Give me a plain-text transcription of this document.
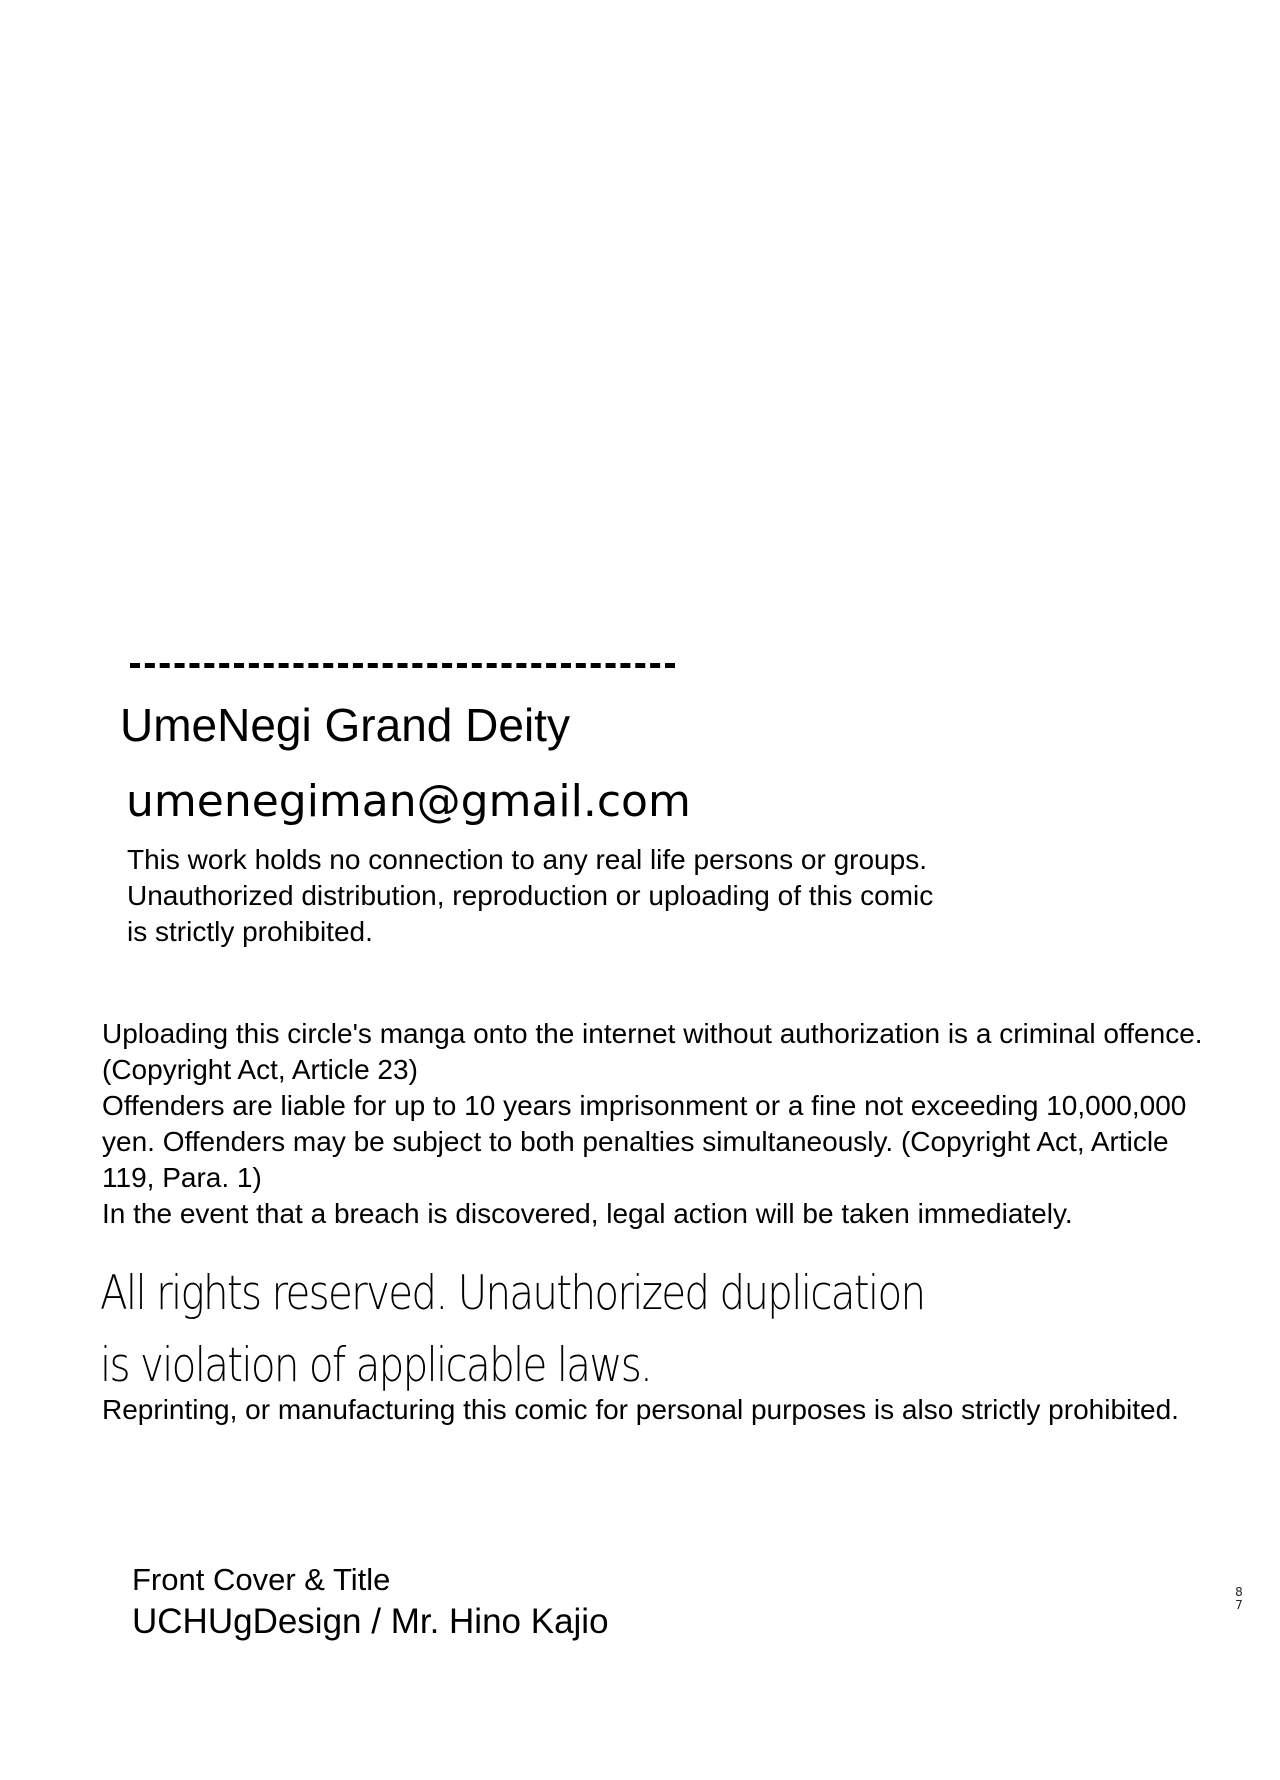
UmeNegi Grand Deity
umenegiman@gmail.com

This work holds no connection to any real life persons or groups.

Unauthorized distribution, reproduction or uploading of this comic is strictly prohibited.

Uploading this circle's manga onto the internet without authorization is a criminal offence. (Copyright Act, Article 23)

Offenders are liable for up to 10 years imprisonment or a fine not exceeding 10,000,000 yen. Offenders may be subject to both penalties simultaneously. (Copyright Act, Article 119, Para. 1)

In the event that a breach is discovered, legal action will be taken immediately.

All rights reserved. Unauthorized duplication

is violation of applicable laws.

Reprinting, or manufacturing this comic for personal purposes is also strictly prohibited.

Front Cover & Title
UCHUgDesign / Mr. Hino Kajio
8
7
